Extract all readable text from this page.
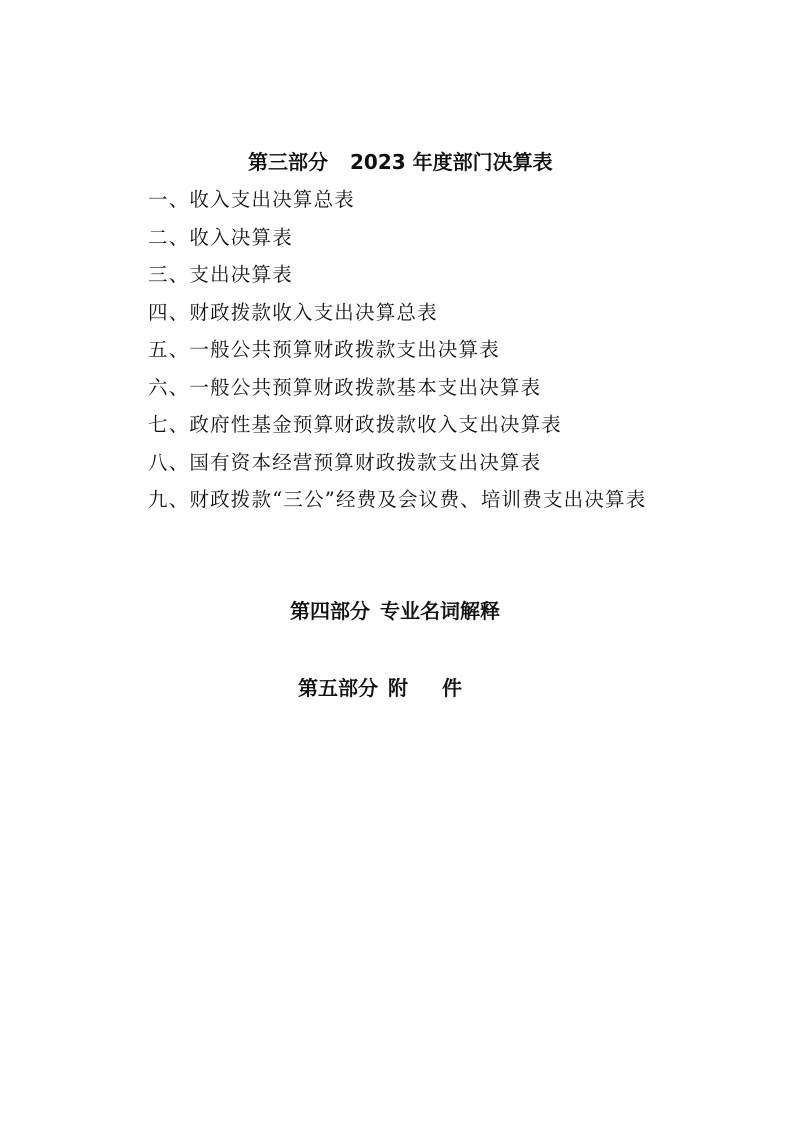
第三部分 2023 年度部门决算表
一、收入支出决算总表
二、收入决算表
三、支出决算表
四、财政拨款收入支出决算总表
五、一般公共预算财政拨款支出决算表
六、一般公共预算财政拨款基本支出决算表
七、政府性基金预算财政拨款收入支出决算表
八、国有资本经营预算财政拨款支出决算表
九、财政拨款“三公”经费及会议费、培训费支出决算表
第四部分 专业名词解释
第五部分 附 件
